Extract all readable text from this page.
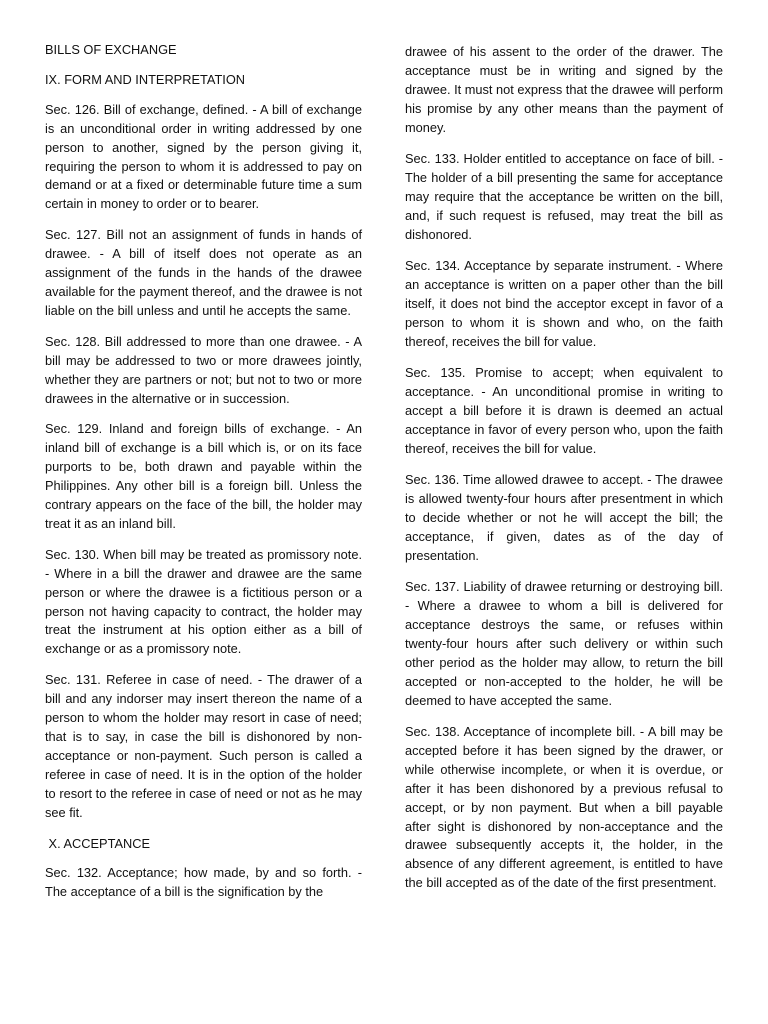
BILLS OF EXCHANGE

IX. FORM AND INTERPRETATION

Sec. 126. Bill of exchange, defined. - A bill of exchange is an unconditional order in writing addressed by one person to another, signed by the person giving it, requiring the person to whom it is addressed to pay on demand or at a fixed or determinable future time a sum certain in money to order or to bearer.

Sec. 127. Bill not an assignment of funds in hands of drawee. - A bill of itself does not operate as an assignment of the funds in the hands of the drawee available for the payment thereof, and the drawee is not liable on the bill unless and until he accepts the same.

Sec. 128. Bill addressed to more than one drawee. - A bill may be addressed to two or more drawees jointly, whether they are partners or not; but not to two or more drawees in the alternative or in succession.

Sec. 129. Inland and foreign bills of exchange. - An inland bill of exchange is a bill which is, or on its face purports to be, both drawn and payable within the Philippines. Any other bill is a foreign bill. Unless the contrary appears on the face of the bill, the holder may treat it as an inland bill.

Sec. 130. When bill may be treated as promissory note. - Where in a bill the drawer and drawee are the same person or where the drawee is a fictitious person or a person not having capacity to contract, the holder may treat the instrument at his option either as a bill of exchange or as a promissory note.

Sec. 131. Referee in case of need. - The drawer of a bill and any indorser may insert thereon the name of a person to whom the holder may resort in case of need; that is to say, in case the bill is dishonored by non-acceptance or non-payment. Such person is called a referee in case of need. It is in the option of the holder to resort to the referee in case of need or not as he may see fit.

X. ACCEPTANCE

Sec. 132. Acceptance; how made, by and so forth. - The acceptance of a bill is the signification by the

drawee of his assent to the order of the drawer. The acceptance must be in writing and signed by the drawee. It must not express that the drawee will perform his promise by any other means than the payment of money.

Sec. 133. Holder entitled to acceptance on face of bill. - The holder of a bill presenting the same for acceptance may require that the acceptance be written on the bill, and, if such request is refused, may treat the bill as dishonored.

Sec. 134. Acceptance by separate instrument. - Where an acceptance is written on a paper other than the bill itself, it does not bind the acceptor except in favor of a person to whom it is shown and who, on the faith thereof, receives the bill for value.

Sec. 135. Promise to accept; when equivalent to acceptance. - An unconditional promise in writing to accept a bill before it is drawn is deemed an actual acceptance in favor of every person who, upon the faith thereof, receives the bill for value.

Sec. 136. Time allowed drawee to accept. - The drawee is allowed twenty-four hours after presentment in which to decide whether or not he will accept the bill; the acceptance, if given, dates as of the day of presentation.

Sec. 137. Liability of drawee returning or destroying bill. - Where a drawee to whom a bill is delivered for acceptance destroys the same, or refuses within twenty-four hours after such delivery or within such other period as the holder may allow, to return the bill accepted or non-accepted to the holder, he will be deemed to have accepted the same.

Sec. 138. Acceptance of incomplete bill. - A bill may be accepted before it has been signed by the drawer, or while otherwise incomplete, or when it is overdue, or after it has been dishonored by a previous refusal to accept, or by non payment. But when a bill payable after sight is dishonored by non-acceptance and the drawee subsequently accepts it, the holder, in the absence of any different agreement, is entitled to have the bill accepted as of the date of the first presentment.
